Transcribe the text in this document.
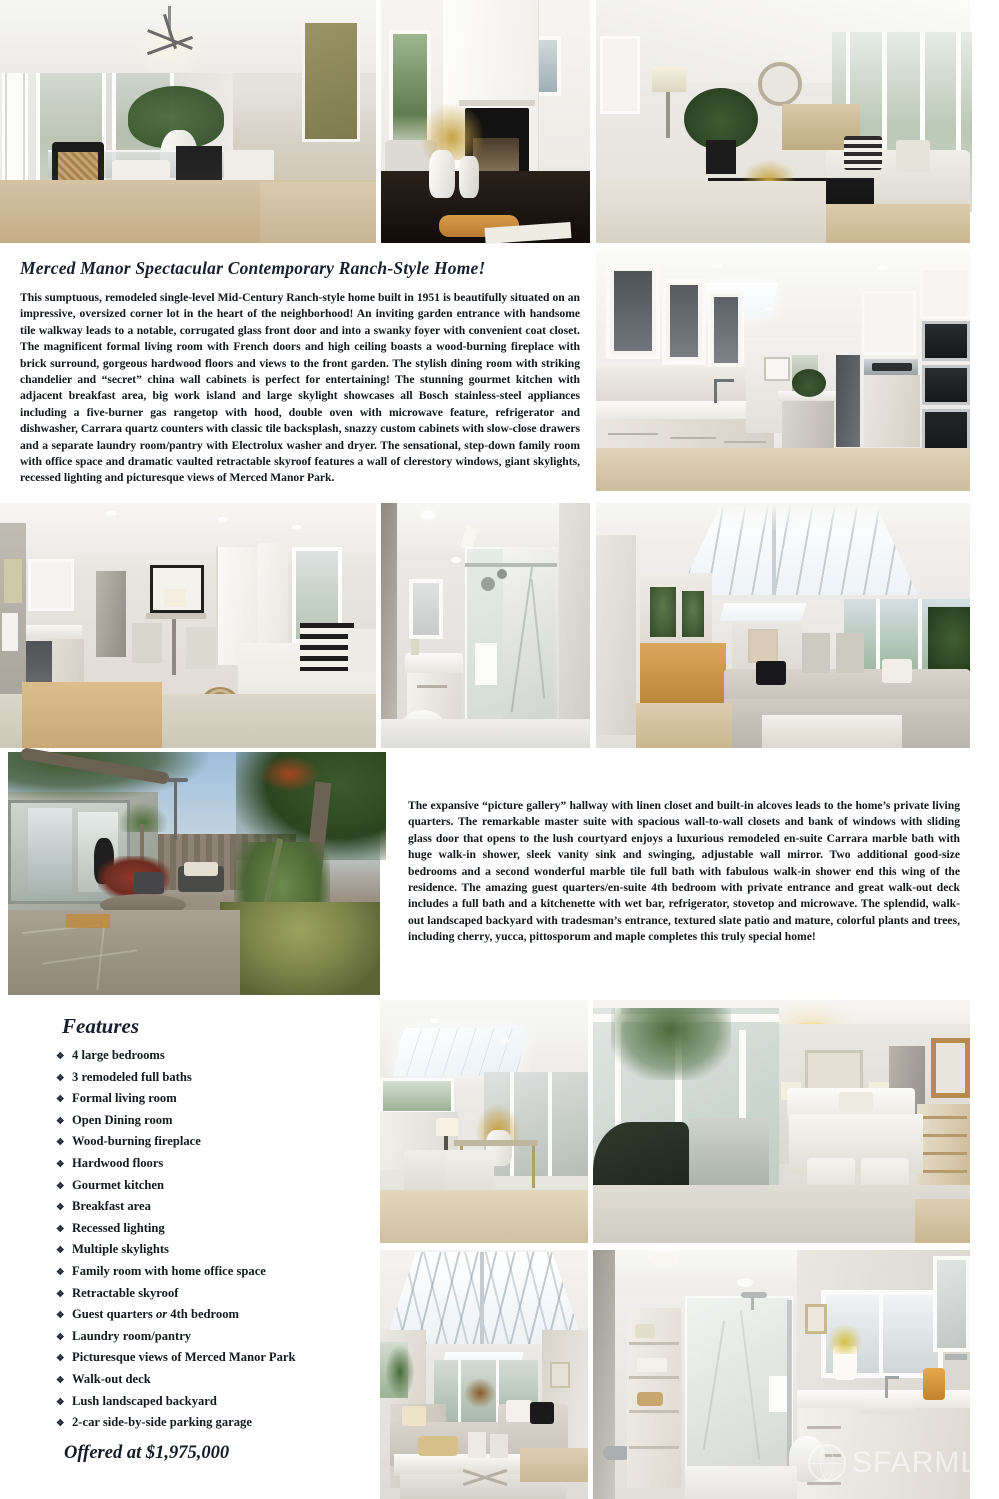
Merced Manor Spectacular Contemporary Ranch-Style Home!
This sumptuous, remodeled single-level Mid-Century Ranch-style home built in 1951 is beautifully situated on an impressive, oversized corner lot in the heart of the neighborhood! An inviting garden entrance with handsome tile walkway leads to a notable, corrugated glass front door and into a swanky foyer with convenient coat closet. The magnificent formal living room with French doors and high ceiling boasts a wood-burning fireplace with brick surround, gorgeous hardwood floors and views to the front garden. The stylish dining room with striking chandelier and “secret” china wall cabinets is perfect for entertaining! The stunning gourmet kitchen with adjacent breakfast area, big work island and large skylight showcases all Bosch stainless-steel appliances including a five-burner gas rangetop with hood, double oven with microwave feature, refrigerator and dishwasher, Carrara quartz counters with classic tile backsplash, snazzy custom cabinets with slow-close drawers and a separate laundry room/pantry with Electrolux washer and dryer. The sensational, step-down family room with office space and dramatic vaulted retractable skyroof features a wall of clerestory windows, giant skylights, recessed lighting and picturesque views of Merced Manor Park.
The expansive “picture gallery” hallway with linen closet and built-in alcoves leads to the home’s private living quarters. The remarkable master suite with spacious wall-to-wall closets and bank of windows with sliding glass door that opens to the lush courtyard enjoys a luxurious remodeled en-suite Carrara marble bath with huge walk-in shower, sleek vanity sink and swinging, adjustable wall mirror. Two additional good-size bedrooms and a second wonderful marble tile full bath with fabulous walk-in shower end this wing of the residence. The amazing guest quarters/en-suite 4th bedroom with private entrance and great walk-out deck includes a full bath and a kitchenette with wet bar, refrigerator, stovetop and microwave. The splendid, walk-out landscaped backyard with tradesman’s entrance, textured slate patio and mature, colorful plants and trees, including cherry, yucca, pittosporum and maple completes this truly special home!
Features
❖ 4 large bedrooms
❖ 3 remodeled full baths
❖ Formal living room
❖ Open Dining room
❖ Wood-burning fireplace
❖ Hardwood floors
❖ Gourmet kitchen
❖ Breakfast area
❖ Recessed lighting
❖ Multiple skylights
❖ Family room with home office space
❖ Retractable skyroof
❖ Guest quarters or 4th bedroom
❖ Laundry room/pantry
❖ Picturesque views of Merced Manor Park
❖ Walk-out deck
❖ Lush landscaped backyard
❖ 2-car side-by-side parking garage
Offered at $1,975,000	SFARMLS
